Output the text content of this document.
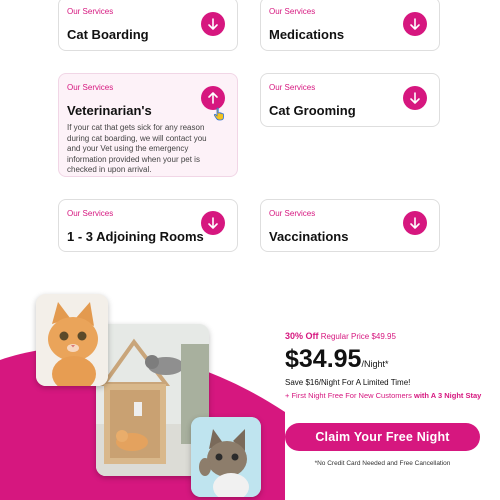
Our Services
Cat Boarding
Our Services
Medications
Our Services
Veterinarian's
If your cat that gets sick for any reason during cat boarding, we will contact you and your Vet using the emergency information provided when your pet is checked in upon arrival.
Our Services
Cat Grooming
Our Services
1 - 3 Adjoining Rooms
Our Services
Vaccinations
30% Off Regular Price $49.95
$34.95/Night*
Save $16/Night For A Limited Time!
+ First Night Free For New Customers with A 3 Night Stay
Claim Your Free Night
*No Credit Card Needed and Free Cancellation
